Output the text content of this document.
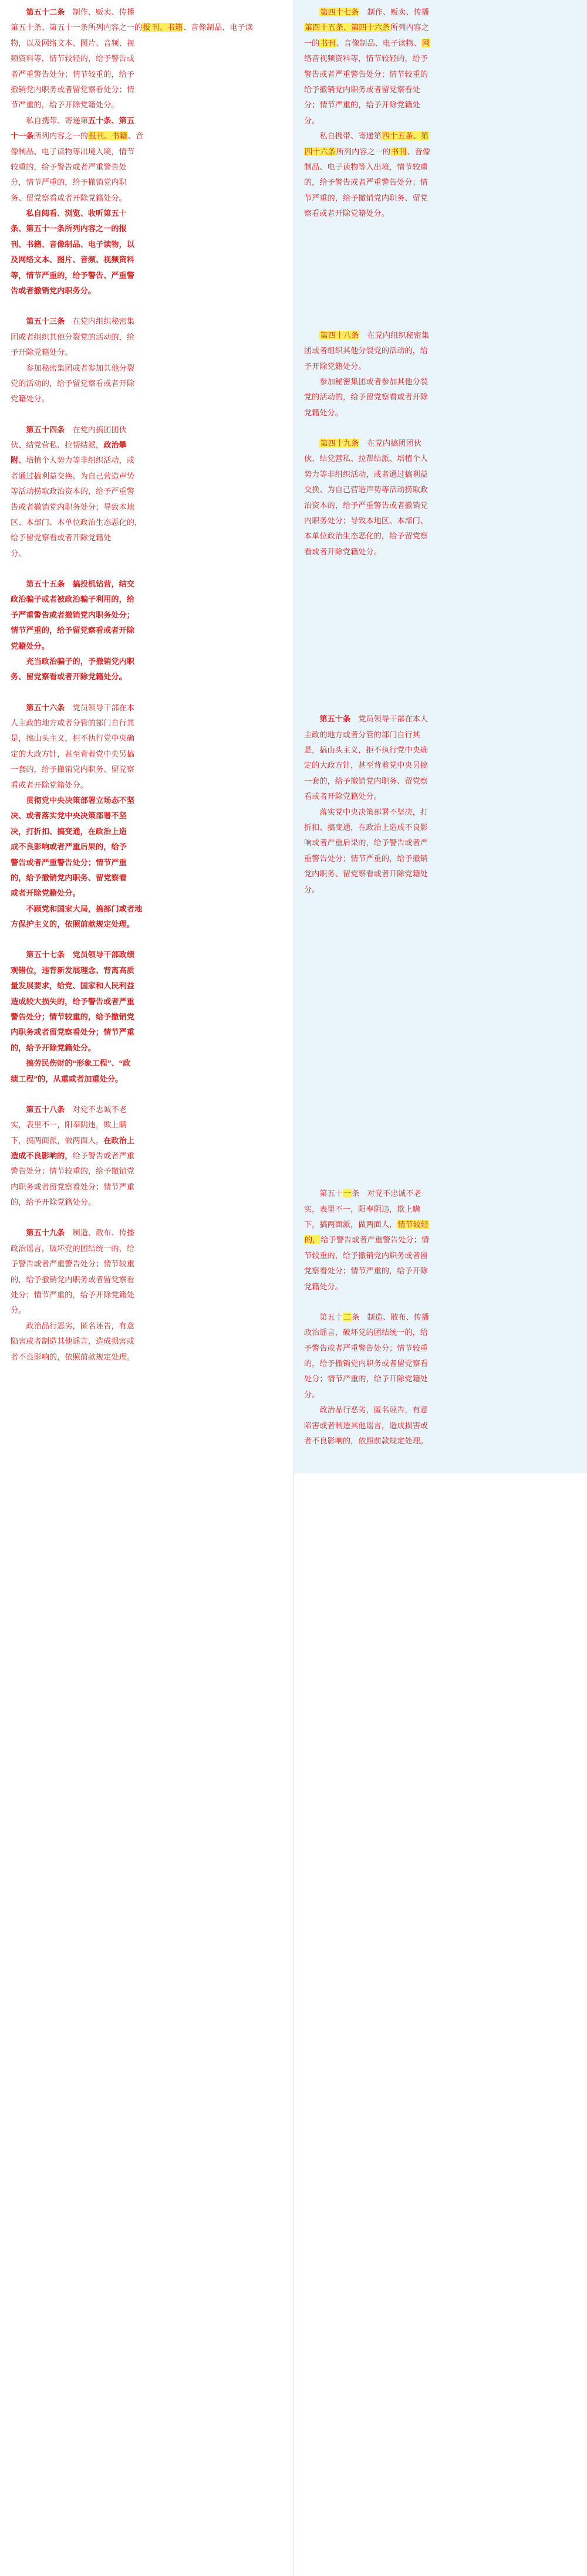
第五十二条　制作、贩卖、传播

第五十条、第五十一条所列内容之一的报 刊、书籍、音像制品、电子读

物，以及网络文本、图片、音频、视

频资料等，情节较轻的，给予警告或

者严重警告处分；情节较重的，给予

撤销党内职务或者留党察看处分；情

节严重的，给予开除党籍处分。

私自携带、寄递第五十条、第五

十一条所列内容之一的报刊、书籍、音

像制品、电子读物等出境入境，情节

较重的，给予警告或者严重警告处

分，情节严重的，给予撤销党内职

务、留党察看或者开除党籍处分。

私自阅看、浏览、收听第五十

条、第五十一条所列内容之一的报

刊、书籍、音像制品、电子读物，以

及网络文本、图片、音频、视频资料

等，情节严重的，给予警告、严重警

告或者撤销党内职务分。

第五十三条　在党内组织秘密集

团或者组织其他分裂党的活动的，给

予开除党籍处分。

参加秘密集团或者参加其他分裂

党的活动的，给予留党察看或者开除

党籍处分。

第五十四条　在党内搞团团伙

伙、结党营私、拉帮结派，政治攀

附、培植个人势力等非组织活动，或

者通过搞利益交换、为自己营造声势

等活动捞取政治资本的，给予严重警

告或者撤销党内职务处分；导致本地

区、本部门、本单位政治生态恶化的，

给予留党察看或者开除党籍处

分。

第五十五条　搞投机钻营，结交

政治骗子或者被政治骗子利用的，给

予严重警告或者撤销党内职务处分；

情节严重的，给予留党察看或者开除

党籍处分。

充当政治骗子的，予撤销党内职

务、留党察看或者开除党籍处分。

第五十六条　党员领导干部在本

人主政的地方或者分管的部门自行其

是，搞山头主义，拒不执行党中央确

定的大政方针，甚至背着党中央另搞

一套的，给予撤销党内职务、留党察

看或者开除党籍处分。

贯彻党中央决策部署立场态不坚

决、或者落实党中央决策部署不坚

决，打折扣、搞变通，在政治上造

成不良影响或者严重后果的，给予

警告或者严重警告处分；情节严重

的，给予撤销党内职务、留党察看

或者开除党籍处分。

不顾党和国家大局，搞部门或者地

方保护主义的，依照前款规定处理。

第五十七条　党员领导干部政绩

观错位，违背新发展理念、背离高质

量发展要求，给党、国家和人民利益

造成较大损失的，给予警告或者严重

警告处分；情节较重的，给予撤销党

内职务或者留党察看处分；情节严重

的，给予开除党籍处分。

搞劳民伤财的“形象工程”、“政

绩工程”的，从重或者加重处分。

第五十八条　对党不忠诚不老

实，表里不一，阳奉阴违，欺上瞒

下，搞两面派，做两面人，在政治上

造成不良影响的，给予警告或者严重

警告处分；情节较重的，给予撤销党

内职务或者留党察看处分；情节严重

的，给予开除党籍处分。

第五十九条　制造、散布、传播

政治谣言，破坏党的团结统一的，给

予警告或者严重警告处分；情节较重

的，给予撤销党内职务或者留党察看

处分；情节严重的，给予开除党籍处

分。

政治品行恶劣，匿名诬告，有意

陷害或者制造其他谣言，造成损害或

者不良影响的，依照前款规定处理。

第四十七条　制作、贩卖、传播

第四十五条、第四十六条所列内容之

一的书刊、音像制品、电子读物、网

络音视频资料等，情节较轻的，给予

警告或者严重警告处分；情节较重的

给予撤销党内职务或者留党察看处

分；情节严重的，给予开除党籍处

分。

私自携带、寄递第四十五条、第

四十六条所列内容之一的书刊、音像

制品、电子读物等入出境，情节较重

的，给予警告或者严重警告处分；情

节严重的，给予撤销党内职务、留党

察看或者开除党籍处分。

第四十八条　在党内组织秘密集

团或者组织其他分裂党的活动的，给

予开除党籍处分。

参加秘密集团或者参加其他分裂

党的活动的，给予留党察看或者开除

党籍处分。

第四十九条　在党内搞团团伙

伙、结党营私、拉帮结派、培植个人

势力等非组织活动，或者通过搞利益

交换、为自己营造声势等活动捞取政

治资本的，给予严重警告或者撤销党

内职务处分；导致本地区、本部门、

本单位政治生态恶化的，给予留党察

看或者开除党籍处分。

第五十条　党员领导干部在本人

主政的地方或者分管的部门自行其

是，搞山头主义，拒不执行党中央确

定的大政方针，甚至背着党中央另搞

一套的，给予撤销党内职务、留党察

看或者开除党籍处分。

落实党中央决策部署不坚决，打

折扣、搞变通，在政治上造成不良影

响或者严重后果的，给予警告或者严

重警告处分；情节严重的，给予撤销

党内职务、留党察看或者开除党籍处

分。

第五十一条　对党不忠诚不老

实，表里不一，阳奉阴违，欺上瞒

下，搞两面派，做两面人，情节较轻

的，给予警告或者严重警告处分；情

节较重的，给予撤销党内职务或者留

党察看处分；情节严重的，给予开除

党籍处分。

第五十二条　制造、散布、传播

政治谣言，破坏党的团结统一的，给

予警告或者严重警告处分；情节较重

的，给予撤销党内职务或者留党察看

处分；情节严重的，给予开除党籍处

分。

政治品行恶劣，匿名诬告，有意

陷害或者制造其他谣言，造成损害或

者不良影响的，依照前款规定处理。
